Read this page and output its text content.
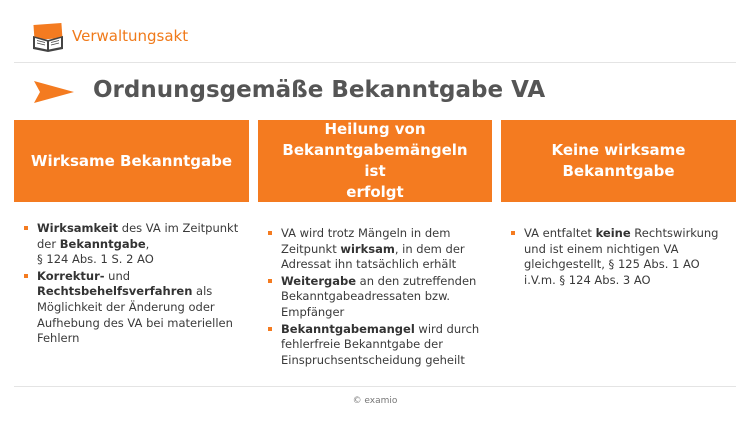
Verwaltungsakt
Ordnungsgemäße Bekanntgabe VA
Wirksame Bekanntgabe
Heilung von
Bekanntgabemängeln ist
erfolgt
Keine wirksame
Bekanntgabe
Wirksamkeit des VA im Zeitpunkt
der Bekanntgabe,
§ 124 Abs. 1 S. 2 AO
Korrektur- und
Rechtsbehelfsverfahren als
Möglichkeit der Änderung oder
Aufhebung des VA bei materiellen
Fehlern
VA wird trotz Mängeln in dem
Zeitpunkt wirksam, in dem der
Adressat ihn tatsächlich erhält
Weitergabe an den zutreffenden
Bekanntgabeadressaten bzw.
Empfänger
Bekanntgabemangel wird durch
fehlerfreie Bekanntgabe der
Einspruchsentscheidung geheilt
VA entfaltet keine Rechtswirkung
und ist einem nichtigen VA
gleichgestellt, § 125 Abs. 1 AO
i.V.m. § 124 Abs. 3 AO
© examio
